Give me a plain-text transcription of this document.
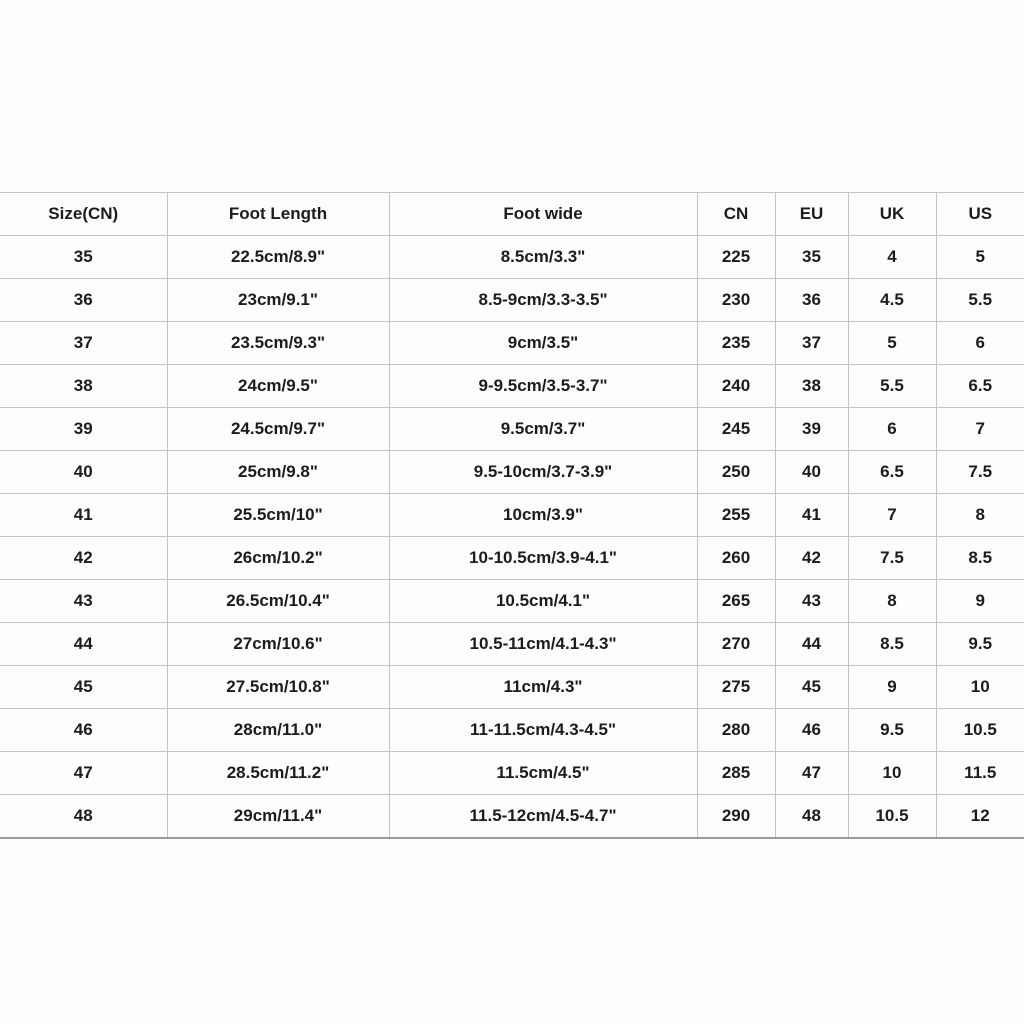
Size(CN)	Foot Length	Foot wide	CN	EU	UK	US
35	22.5cm/8.9"	8.5cm/3.3"	225	35	4	5
36	23cm/9.1"	8.5-9cm/3.3-3.5"	230	36	4.5	5.5
37	23.5cm/9.3"	9cm/3.5"	235	37	5	6
38	24cm/9.5"	9-9.5cm/3.5-3.7"	240	38	5.5	6.5
39	24.5cm/9.7"	9.5cm/3.7"	245	39	6	7
40	25cm/9.8"	9.5-10cm/3.7-3.9"	250	40	6.5	7.5
41	25.5cm/10"	10cm/3.9"	255	41	7	8
42	26cm/10.2"	10-10.5cm/3.9-4.1"	260	42	7.5	8.5
43	26.5cm/10.4"	10.5cm/4.1"	265	43	8	9
44	27cm/10.6"	10.5-11cm/4.1-4.3"	270	44	8.5	9.5
45	27.5cm/10.8"	11cm/4.3"	275	45	9	10
46	28cm/11.0"	11-11.5cm/4.3-4.5"	280	46	9.5	10.5
47	28.5cm/11.2"	11.5cm/4.5"	285	47	10	11.5
48	29cm/11.4"	11.5-12cm/4.5-4.7"	290	48	10.5	12
